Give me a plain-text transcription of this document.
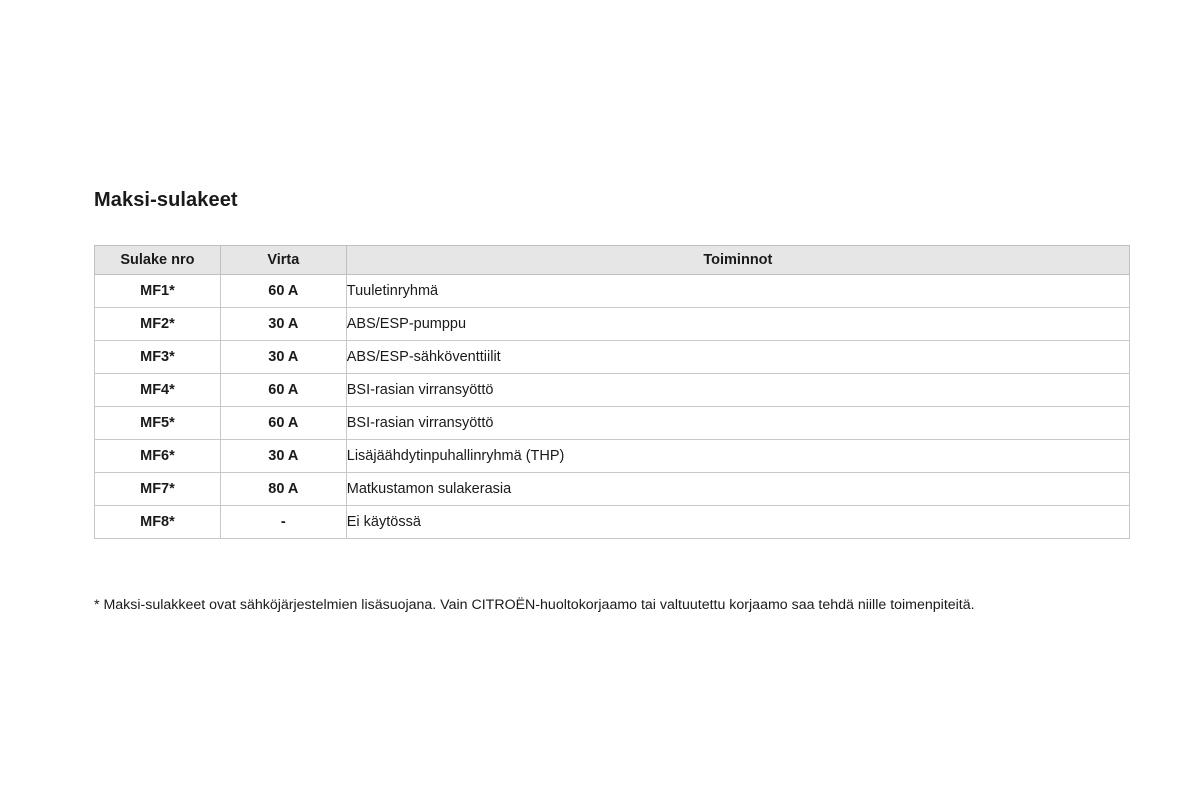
Maksi-sulakeet
Sulake nro	Virta	Toiminnot
MF1*	60 A	Tuuletinryhmä
MF2*	30 A	ABS/ESP-pumppu
MF3*	30 A	ABS/ESP-sähköventtiilit
MF4*	60 A	BSI-rasian virransyöttö
MF5*	60 A	BSI-rasian virransyöttö
MF6*	30 A	Lisäjäähdytinpuhallinryhmä (THP)
MF7*	80 A	Matkustamon sulakerasia
MF8*	-	Ei käytössä

* Maksi-sulakkeet ovat sähköjärjestelmien lisäsuojana. Vain CITROËN-huoltokorjaamo tai valtuutettu korjaamo saa tehdä niille toimenpiteitä.
